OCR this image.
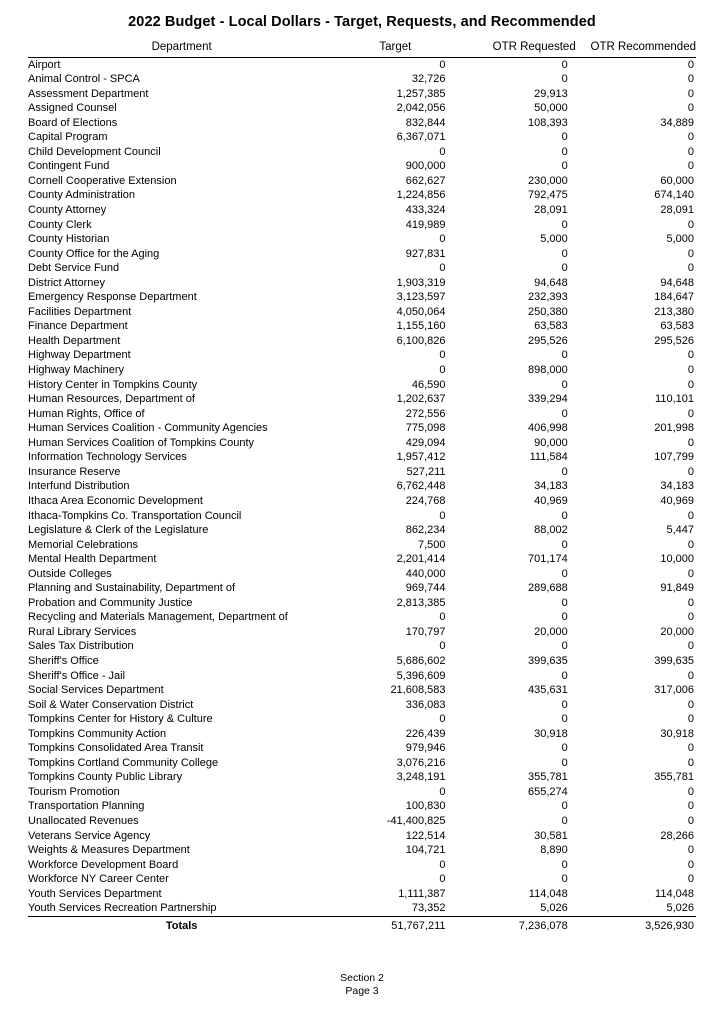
2022 Budget - Local Dollars - Target, Requests, and Recommended
Department	Target	OTR Requested	OTR Recommended

Airport	0	0	0
Animal Control - SPCA	32,726	0	0
Assessment Department	1,257,385	29,913	0
Assigned Counsel	2,042,056	50,000	0
Board of Elections	832,844	108,393	34,889
Capital Program	6,367,071	0	0
Child Development Council	0	0	0
Contingent Fund	900,000	0	0
Cornell Cooperative Extension	662,627	230,000	60,000
County Administration	1,224,856	792,475	674,140
County Attorney	433,324	28,091	28,091
County Clerk	419,989	0	0
County Historian	0	5,000	5,000
County Office for the Aging	927,831	0	0
Debt Service Fund	0	0	0
District Attorney	1,903,319	94,648	94,648
Emergency Response Department	3,123,597	232,393	184,647
Facilities Department	4,050,064	250,380	213,380
Finance Department	1,155,160	63,583	63,583
Health Department	6,100,826	295,526	295,526
Highway Department	0	0	0
Highway Machinery	0	898,000	0
History Center in Tompkins County	46,590	0	0
Human Resources, Department of	1,202,637	339,294	110,101
Human Rights, Office of	272,556	0	0
Human Services Coalition - Community Agencies	775,098	406,998	201,998
Human Services Coalition of Tompkins County	429,094	90,000	0
Information Technology Services	1,957,412	111,584	107,799
Insurance Reserve	527,211	0	0
Interfund Distribution	6,762,448	34,183	34,183
Ithaca Area Economic Development	224,768	40,969	40,969
Ithaca-Tompkins Co. Transportation Council	0	0	0
Legislature & Clerk of the Legislature	862,234	88,002	5,447
Memorial Celebrations	7,500	0	0
Mental Health Department	2,201,414	701,174	10,000
Outside Colleges	440,000	0	0
Planning and Sustainability, Department of	969,744	289,688	91,849
Probation and Community Justice	2,813,385	0	0
Recycling and Materials Management, Department of	0	0	0
Rural Library Services	170,797	20,000	20,000
Sales Tax Distribution	0	0	0
Sheriff's Office	5,686,602	399,635	399,635
Sheriff's Office - Jail	5,396,609	0	0
Social Services Department	21,608,583	435,631	317,006
Soil & Water Conservation District	336,083	0	0
Tompkins Center for History & Culture	0	0	0
Tompkins Community Action	226,439	30,918	30,918
Tompkins Consolidated Area Transit	979,946	0	0
Tompkins Cortland Community College	3,076,216	0	0
Tompkins County Public Library	3,248,191	355,781	355,781
Tourism Promotion	0	655,274	0
Transportation Planning	100,830	0	0
Unallocated Revenues	-41,400,825	0	0
Veterans Service Agency	122,514	30,581	28,266
Weights & Measures Department	104,721	8,890	0
Workforce Development Board	0	0	0
Workforce NY Career Center	0	0	0
Youth Services Department	1,111,387	114,048	114,048
Youth Services Recreation Partnership	73,352	5,026	5,026
Totals	51,767,211	7,236,078	3,526,930
Section 2
Page 3
